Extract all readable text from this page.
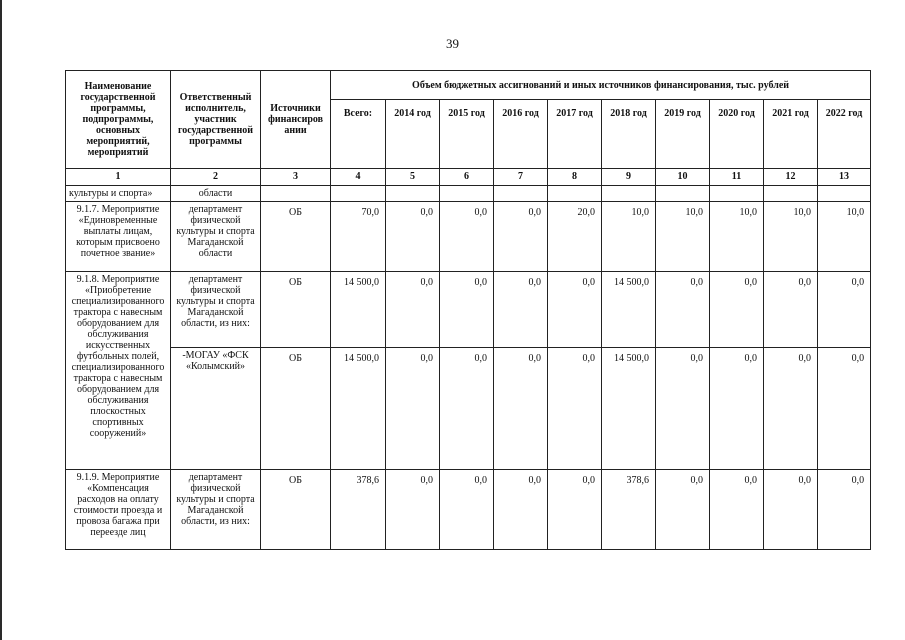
39
Наименование государственной программы, подпрограммы, основных мероприятий, мероприятий	Ответственный исполнитель, участник государственной программы	Источники финансиров ании	Объем бюджетных ассигнований и иных источников финансирования, тыс. рублей									
			Всего:	2014 год	2015 год	2016 год	2017 год	2018 год	2019 год	2020 год	2021 год	2022 год
1	2	3	4	5	6	7	8	9	10	11	12	13
культуры и спорта»	области											
9.1.7. Мероприятие «Единовременные выплаты лицам, которым присвоено почетное звание»	департамент физической культуры и спорта Магаданской области	ОБ	70,0	0,0	0,0	0,0	20,0	10,0	10,0	10,0	10,0	10,0
9.1.8. Мероприятие «Приобретение специализированного трактора с навесным оборудованием для обслуживания искусственных футбольных полей, специализированного трактора с навесным оборудованием для обслуживания плоскостных спортивных сооружений»	департамент физической культуры и спорта Магаданской области, из них:	ОБ	14 500,0	0,0	0,0	0,0	0,0	14 500,0	0,0	0,0	0,0	0,0
	-МОГАУ «ФСК «Колымский»	ОБ	14 500,0	0,0	0,0	0,0	0,0	14 500,0	0,0	0,0	0,0	0,0
9.1.9. Мероприятие «Компенсация расходов на оплату стоимости проезда и провоза багажа при переезде лиц	департамент физической культуры и спорта Магаданской области, из них:	ОБ	378,6	0,0	0,0	0,0	0,0	378,6	0,0	0,0	0,0	0,0
